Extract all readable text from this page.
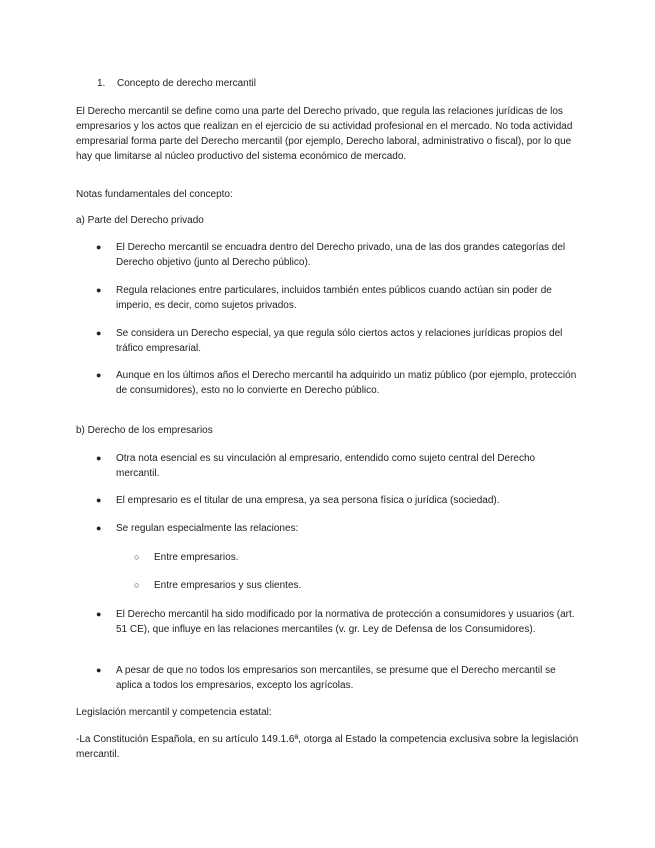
1.	Concepto de derecho mercantil

El Derecho mercantil se define como una parte del Derecho privado, que regula las relaciones jurídicas de los empresarios y los actos que realizan en el ejercicio de su actividad profesional en el mercado. No toda actividad empresarial forma parte del Derecho mercantil (por ejemplo, Derecho laboral, administrativo o fiscal), por lo que hay que limitarse al núcleo productivo del sistema económico de mercado.

Notas fundamentales del concepto:

a) Parte del Derecho privado

●	El Derecho mercantil se encuadra dentro del Derecho privado, una de las dos grandes categorías del Derecho objetivo (junto al Derecho público).
●	Regula relaciones entre particulares, incluidos también entes públicos cuando actúan sin poder de imperio, es decir, como sujetos privados.
●	Se considera un Derecho especial, ya que regula sólo ciertos actos y relaciones jurídicas propios del tráfico empresarial.
●	Aunque en los últimos años el Derecho mercantil ha adquirido un matiz público (por ejemplo, protección de consumidores), esto no lo convierte en Derecho público.

b) Derecho de los empresarios

●	Otra nota esencial es su vinculación al empresario, entendido como sujeto central del Derecho mercantil.
●	El empresario es el titular de una empresa, ya sea persona física o jurídica (sociedad).
●	Se regulan especialmente las relaciones:
○	Entre empresarios.
○	Entre empresarios y sus clientes.
●	El Derecho mercantil ha sido modificado por la normativa de protección a consumidores y usuarios (art. 51 CE), que influye en las relaciones mercantiles (v. gr. Ley de Defensa de los Consumidores).
●	A pesar de que no todos los empresarios son mercantiles, se presume que el Derecho mercantil se aplica a todos los empresarios, excepto los agrícolas.

Legislación mercantil y competencia estatal:

-La Constitución Española, en su artículo 149.1.6ª, otorga al Estado la competencia exclusiva sobre la legislación mercantil.
